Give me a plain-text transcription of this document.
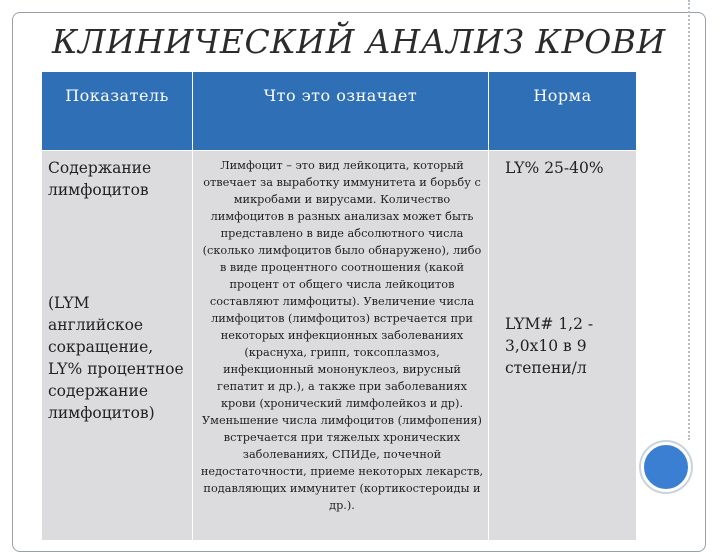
КЛИНИЧЕСКИЙ АНАЛИЗ КРОВИ
Показатель	Что это означает	Норма
Содержание лимфоцитов
(LYM английское сокращение, LY% процентное содержание лимфоцитов)
Лимфоцит – это вид лейкоцита, который отвечает за выработку иммунитета и борьбу с микробами и вирусами. Количество лимфоцитов в разных анализах может быть представлено в виде абсолютного числа (сколько лимфоцитов было обнаружено), либо в виде процентного соотношения (какой процент от общего числа лейкоцитов составляют лимфоциты). Увеличение числа лимфоцитов (лимфоцитоз) встречается при некоторых инфекционных заболеваниях (краснуха, грипп, токсоплазмоз, инфекционный мононуклеоз, вирусный гепатит и др.), а также при заболеваниях крови (хронический лимфолейкоз и др). Уменьшение числа лимфоцитов (лимфопения) встречается при тяжелых хронических заболеваниях, СПИДе, почечной недостаточности, приеме некоторых лекарств, подавляющих иммунитет (кортикостероиды и др.).
LY% 25-40%
LYM# 1,2 - 3,0х10 в 9 степени/л
